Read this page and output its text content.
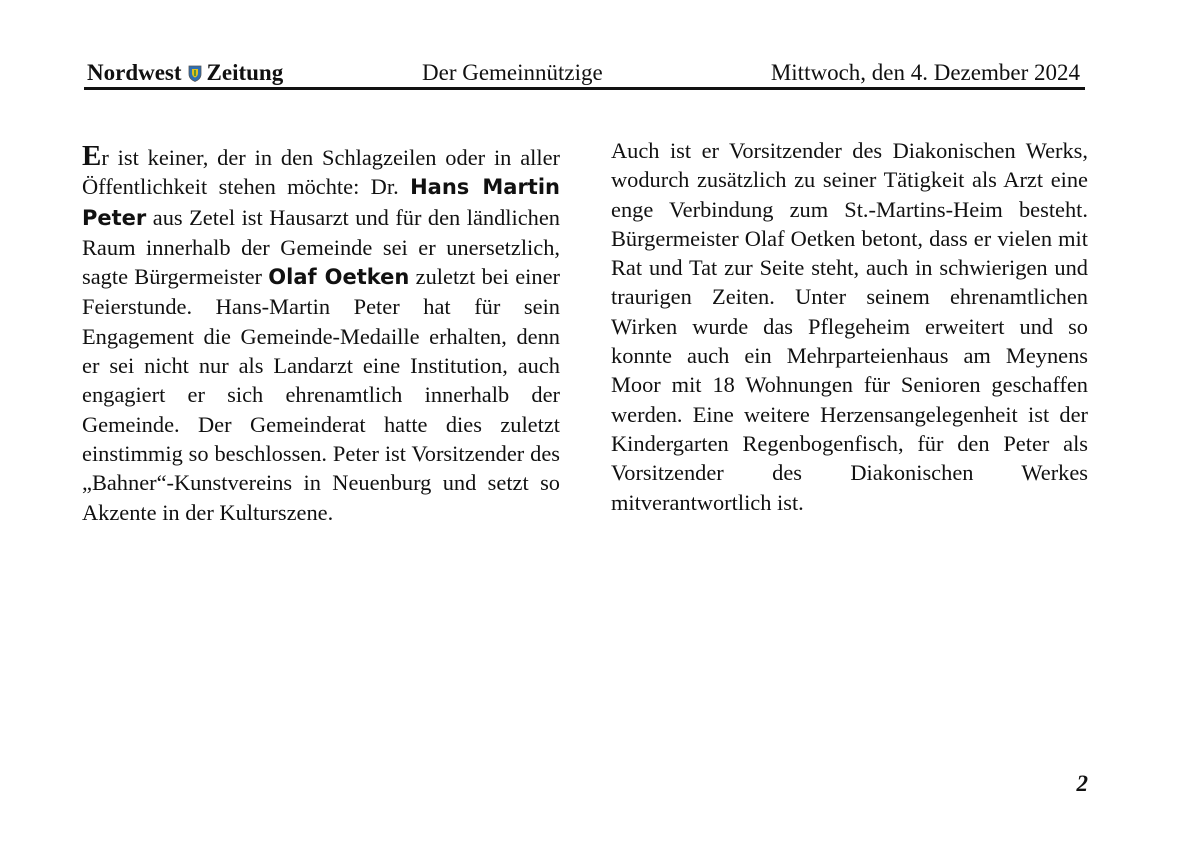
Nordwest Zeitung	Der Gemeinnützige	Mittwoch, den 4. Dezember 2024
Er ist keiner, der in den Schlagzeilen oder in aller Öffentlichkeit stehen möchte: Dr. Hans Martin Peter aus Zetel ist Hausarzt und für den ländlichen Raum innerhalb der Gemeinde sei er unersetzlich, sagte Bürgermeister Olaf Oetken zuletzt bei einer Feierstunde. Hans-Martin Peter hat für sein Engagement die Gemeinde-Medaille erhalten, denn er sei nicht nur als Landarzt eine Institution, auch engagiert er sich ehrenamtlich innerhalb der Gemeinde. Der Gemeinderat hatte dies zuletzt einstimmig so beschlossen. Peter ist Vorsitzender des „Bahner“-Kunstvereins in Neuenburg und setzt so Akzente in der Kulturszene.
Auch ist er Vorsitzender des Diakonischen Werks, wodurch zusätzlich zu seiner Tätigkeit als Arzt eine enge Verbindung zum St.-Martins-Heim besteht. Bürgermeister Olaf Oetken betont, dass er vielen mit Rat und Tat zur Seite steht, auch in schwierigen und traurigen Zeiten. Unter seinem ehrenamtlichen Wirken wurde das Pflegeheim erweitert und so konnte auch ein Mehrparteienhaus am Meynens Moor mit 18 Wohnungen für Senioren geschaffen werden. Eine weitere Herzensangelegenheit ist der Kindergarten Regenbogenfisch, für den Peter als Vorsitzender des Diakonischen Werkes mitverantwortlich ist.
2
